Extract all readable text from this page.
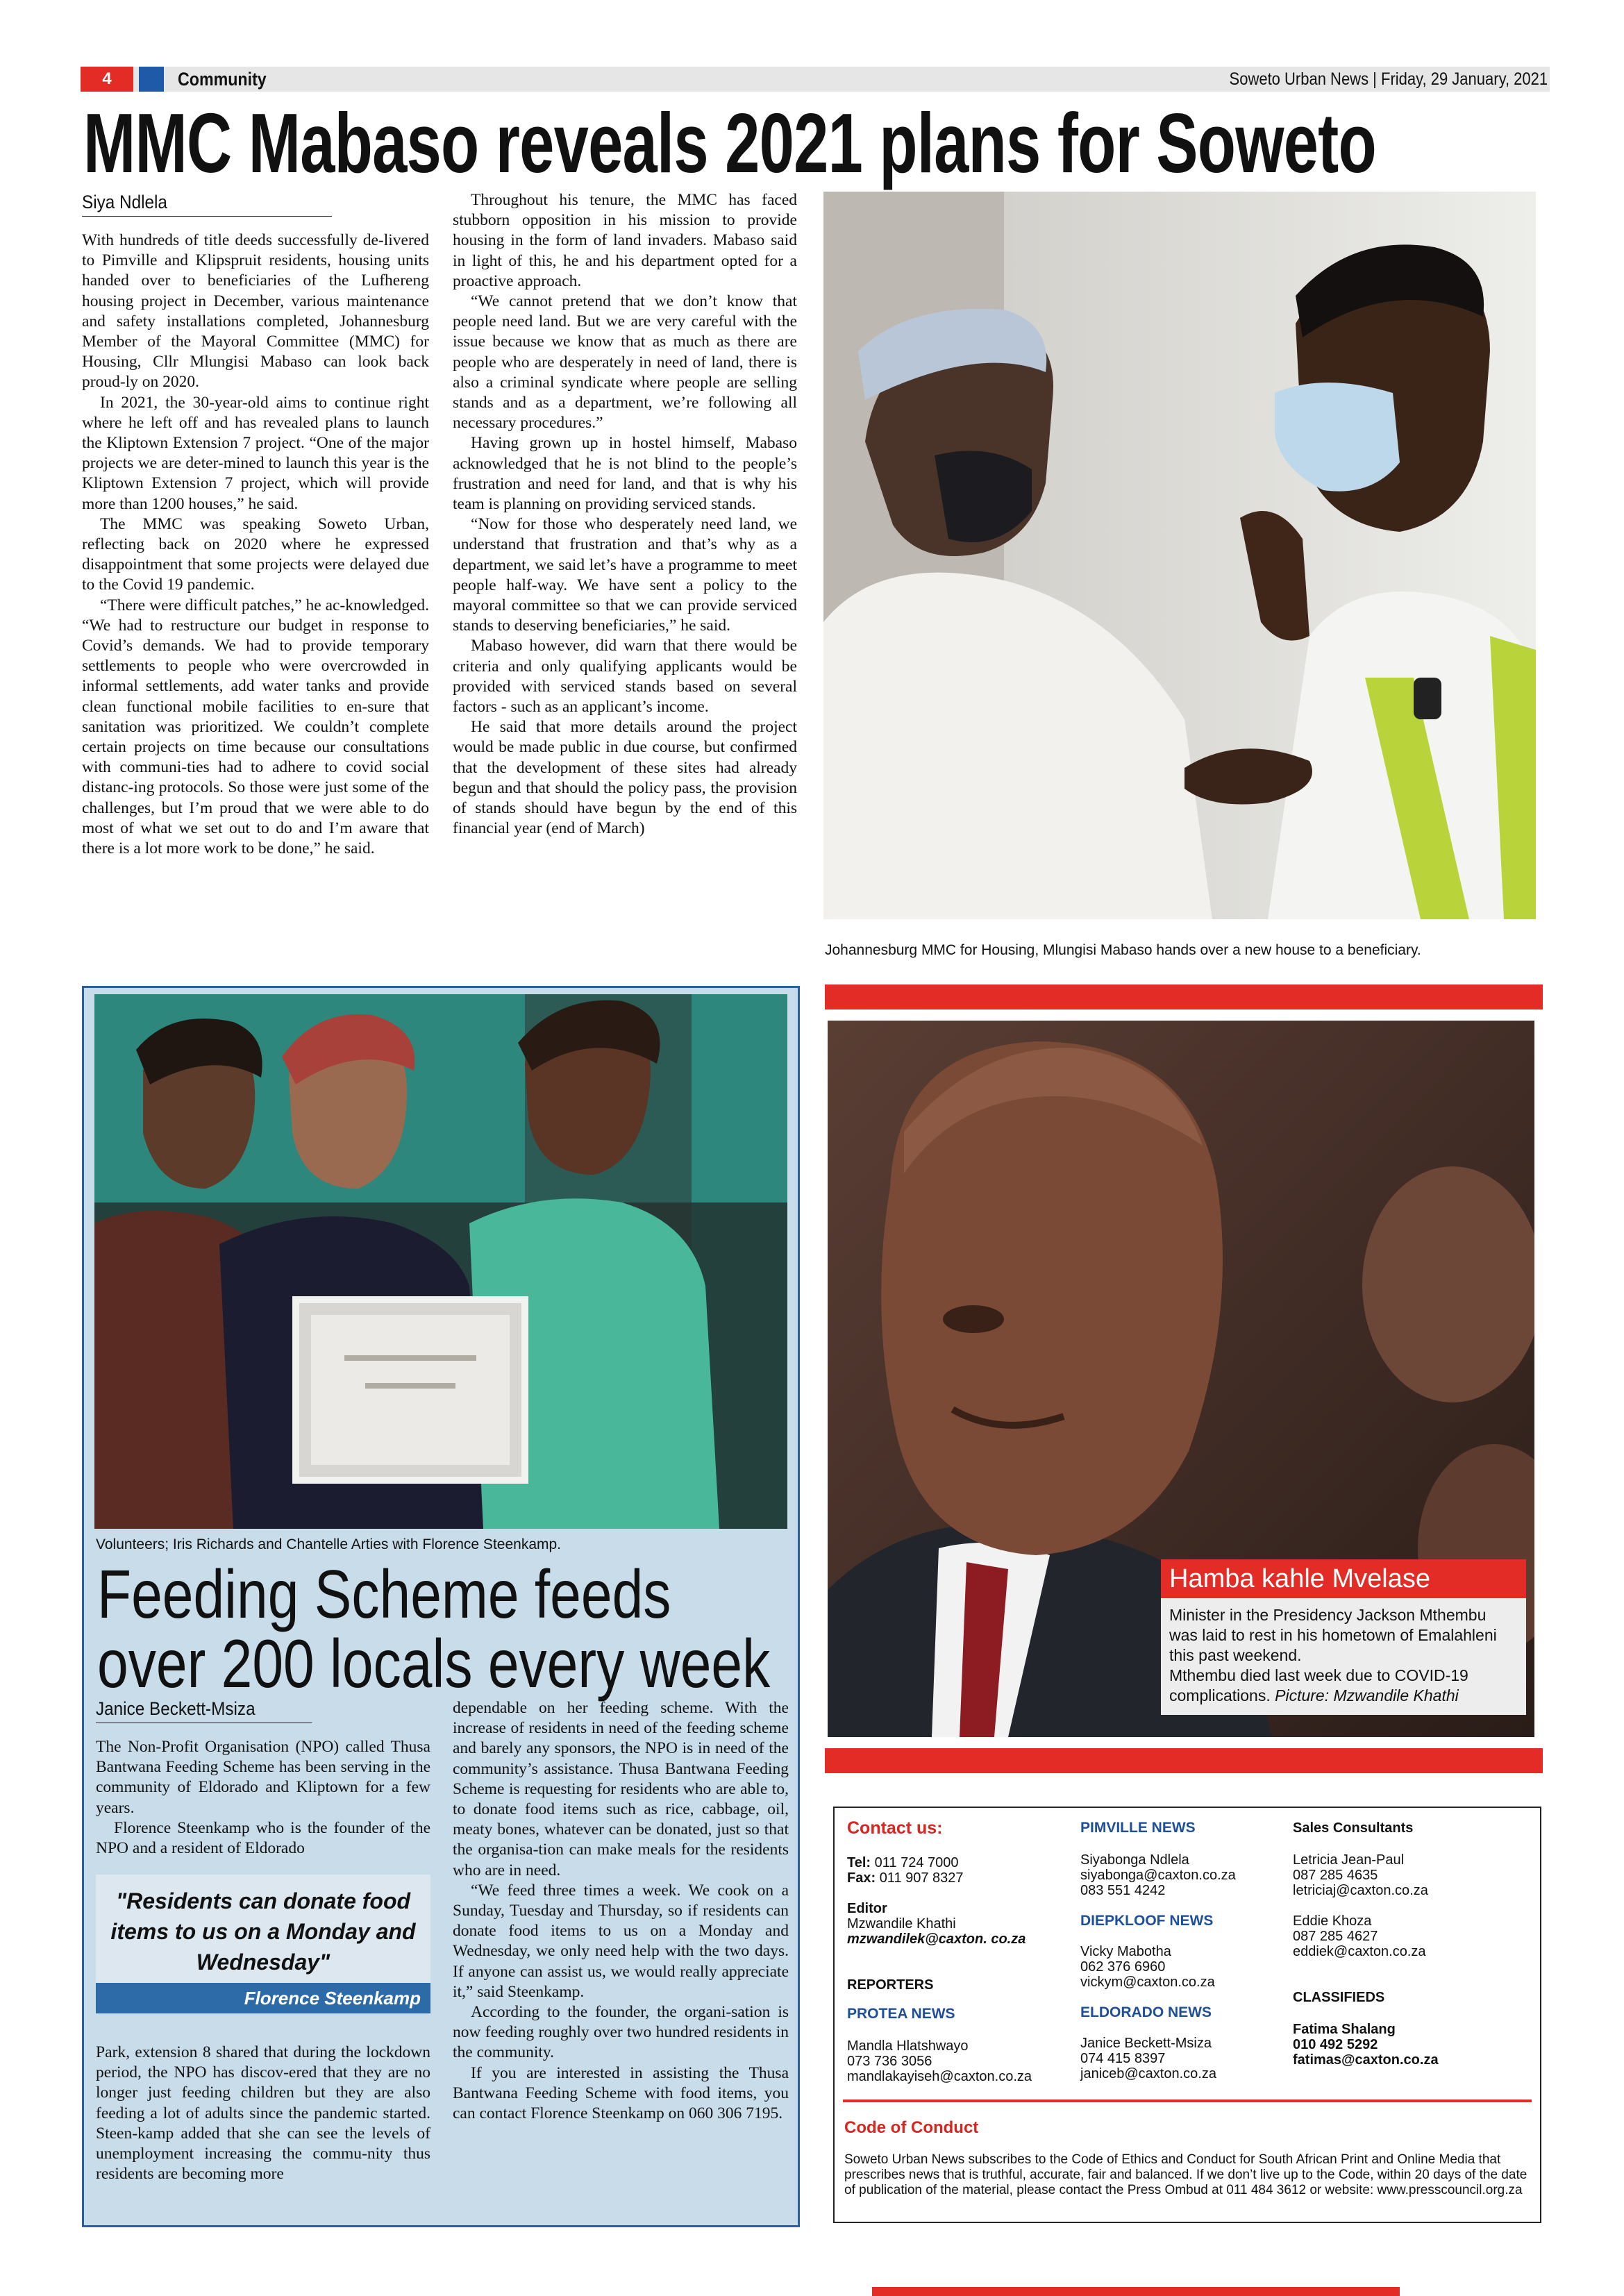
4	Community	Soweto Urban News | Friday, 29 January, 2021
MMC Mabaso reveals 2021 plans for Soweto
Siya Ndlela

With hundreds of title deeds successfully de-livered to Pimville and Klipspruit residents, housing units handed over to beneficiaries of the Lufhereng housing project in December, various maintenance and safety installations completed, Johannesburg Member of the Mayoral Committee (MMC) for Housing, Cllr Mlungisi Mabaso can look back proud-ly on 2020.

In 2021, the 30-year-old aims to continue right where he left off and has revealed plans to launch the Kliptown Extension 7 project. “One of the major projects we are deter-mined to launch this year is the Kliptown Extension 7 project, which will provide more than 1200 houses,” he said.

The MMC was speaking Soweto Urban, reflecting back on 2020 where he expressed disappointment that some projects were delayed due to the Covid 19 pandemic.

“There were difficult patches,” he ac-knowledged. “We had to restructure our budget in response to Covid’s demands. We had to provide temporary settlements to people who were overcrowded in informal settlements, add water tanks and provide clean functional mobile facilities to en-sure that sanitation was prioritized. We couldn’t complete certain projects on time because our consultations with communi-ties had to adhere to covid social distanc-ing protocols. So those were just some of the challenges, but I’m proud that we were able to do most of what we set out to do and I’m aware that there is a lot more work to be done,” he said.

Throughout his tenure, the MMC has faced stubborn opposition in his mission to provide housing in the form of land invaders. Mabaso said in light of this, he and his department opted for a proactive approach.

“We cannot pretend that we don’t know that people need land. But we are very careful with the issue because we know that as much as there are people who are desperately in need of land, there is also a criminal syndicate where people are selling stands and as a department, we’re following all necessary procedures.”

Having grown up in hostel himself, Mabaso acknowledged that he is not blind to the people’s frustration and need for land, and that is why his team is planning on providing serviced stands.

“Now for those who desperately need land, we understand that frustration and that’s why as a department, we said let’s have a programme to meet people half-way. We have sent a policy to the mayoral committee so that we can provide serviced stands to deserving beneficiaries,” he said.

Mabaso however, did warn that there would be criteria and only qualifying applicants would be provided with serviced stands based on several factors - such as an applicant’s income.

He said that more details around the project would be made public in due course, but confirmed that the development of these sites had already begun and that should the policy pass, the provision of stands should have begun by the end of this financial year (end of March)

Johannesburg MMC for Housing, Mlungisi Mabaso hands over a new house to a beneficiary.
Volunteers; Iris Richards and Chantelle Arties with Florence Steenkamp.
Feeding Scheme feeds
over 200 locals every week
Janice Beckett-Msiza

The Non-Profit Organisation (NPO) called Thusa Bantwana Feeding Scheme has been serving in the community of Eldorado and Kliptown for a few years.

Florence Steenkamp who is the founder of the NPO and a resident of Eldorado

"Residents can donate food items to us on a Monday and Wednesday"
Florence Steenkamp

Park, extension 8 shared that during the lockdown period, the NPO has discov-ered that they are no longer just feeding children but they are also feeding a lot of adults since the pandemic started. Steen-kamp added that she can see the levels of unemployment increasing the commu-nity thus residents are becoming more

dependable on her feeding scheme. With the increase of residents in need of the feeding scheme and barely any sponsors, the NPO is in need of the community’s assistance. Thusa Bantwana Feeding Scheme is requesting for residents who are able to, to donate food items such as rice, cabbage, oil, meaty bones, whatever can be donated, just so that the organisa-tion can make meals for the residents who are in need.

“We feed three times a week. We cook on a Sunday, Tuesday and Thursday, so if residents can donate food items to us on a Monday and Wednesday, we only need help with the two days. If anyone can assist us, we would really appreciate it,” said Steenkamp.

According to the founder, the organi-sation is now feeding roughly over two hundred residents in the community.

If you are interested in assisting the Thusa Bantwana Feeding Scheme with food items, you can contact Florence Steenkamp on 060 306 7195.

Hamba kahle Mvelase
Minister in the Presidency Jackson Mthembu was laid to rest in his hometown of Emalahleni this past weekend.
Mthembu died last week due to COVID-19 complications. Picture: Mzwandile Khathi
Contact us:
Tel: 011 724 7000
Fax: 011 907 8327
Editor
Mzwandile Khathi
mzwandilek@caxton. co.za
REPORTERS
PROTEA NEWS
Mandla Hlatshwayo
073 736 3056
mandlakayiseh@caxton.co.za
PIMVILLE NEWS
Siyabonga Ndlela
siyabonga@caxton.co.za
083 551 4242
DIEPKLOOF NEWS
Vicky Mabotha
062 376 6960
vickym@caxton.co.za
ELDORADO NEWS
Janice Beckett-Msiza
074 415 8397
janiceb@caxton.co.za
Sales Consultants
Letricia Jean-Paul
087 285 4635
letriciaj@caxton.co.za
Eddie Khoza
087 285 4627
eddiek@caxton.co.za
CLASSIFIEDS
Fatima Shalang
010 492 5292
fatimas@caxton.co.za
Code of Conduct
Soweto Urban News subscribes to the Code of Ethics and Conduct for South African Print and Online Media that prescribes news that is truthful, accurate, fair and balanced. If we don’t live up to the Code, within 20 days of the date of publication of the material, please contact the Press Ombud at 011 484 3612 or website: www.presscouncil.org.za
